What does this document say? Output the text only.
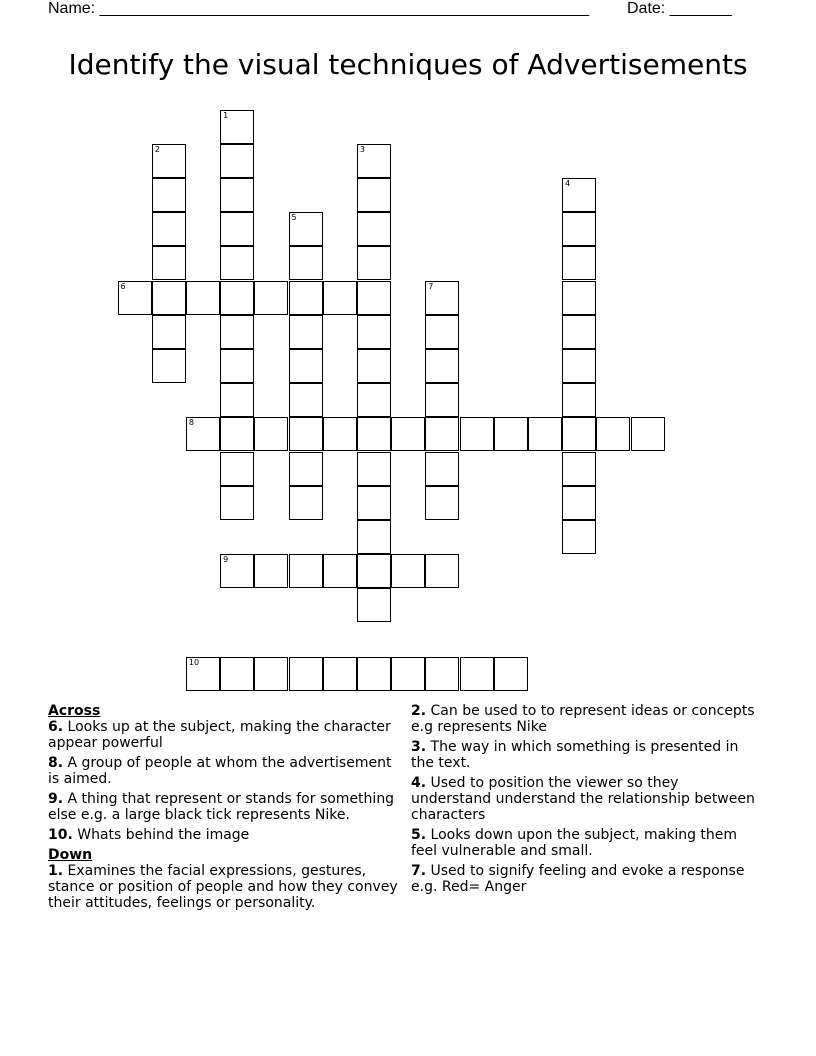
Name: _______________________________________________________ Date: _______
Identify the visual techniques of Advertisements
1
2	3
4
5
6	7
8
9
10

Across

6. Looks up at the subject, making the character appear powerful

8. A group of people at whom the advertisement is aimed.

9. A thing that represent or stands for something else e.g. a large black tick represents Nike.

10. Whats behind the image

Down

1. Examines the facial expressions, gestures, stance or position of people and how they convey their attitudes, feelings or personality.

2. Can be used to to represent ideas or concepts e.g represents Nike

3. The way in which something is presented in the text.

4. Used to position the viewer so they understand understand the relationship between characters

5. Looks down upon the subject, making them feel vulnerable and small.

7. Used to signify feeling and evoke a response e.g. Red= Anger
